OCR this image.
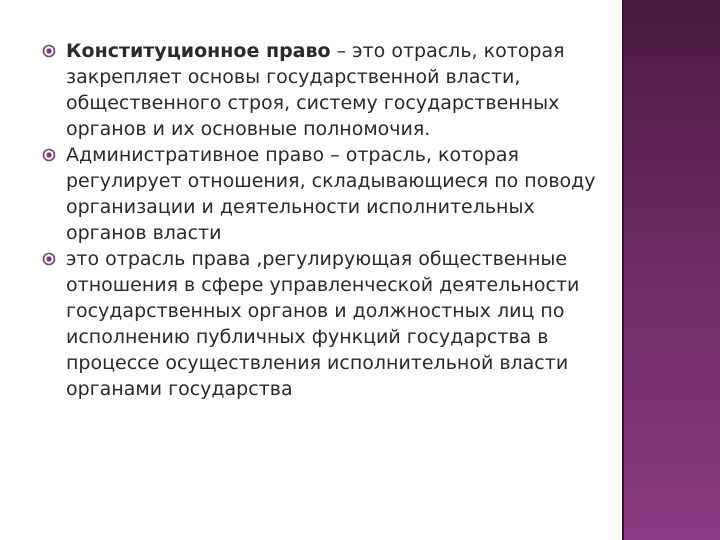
Конституционное право – это отрасль, которая закрепляет основы государственной власти, общественного строя, систему государственных органов и их основные полномочия.
Административное право – отрасль, которая регулирует отношения, складывающиеся по поводу организации и деятельности исполнительных органов власти
это отрасль права ,регулирующая общественные отношения в сфере управленческой деятельности государственных органов и должностных лиц по исполнению публичных функций государства в процессе осуществления исполнительной власти органами государства
